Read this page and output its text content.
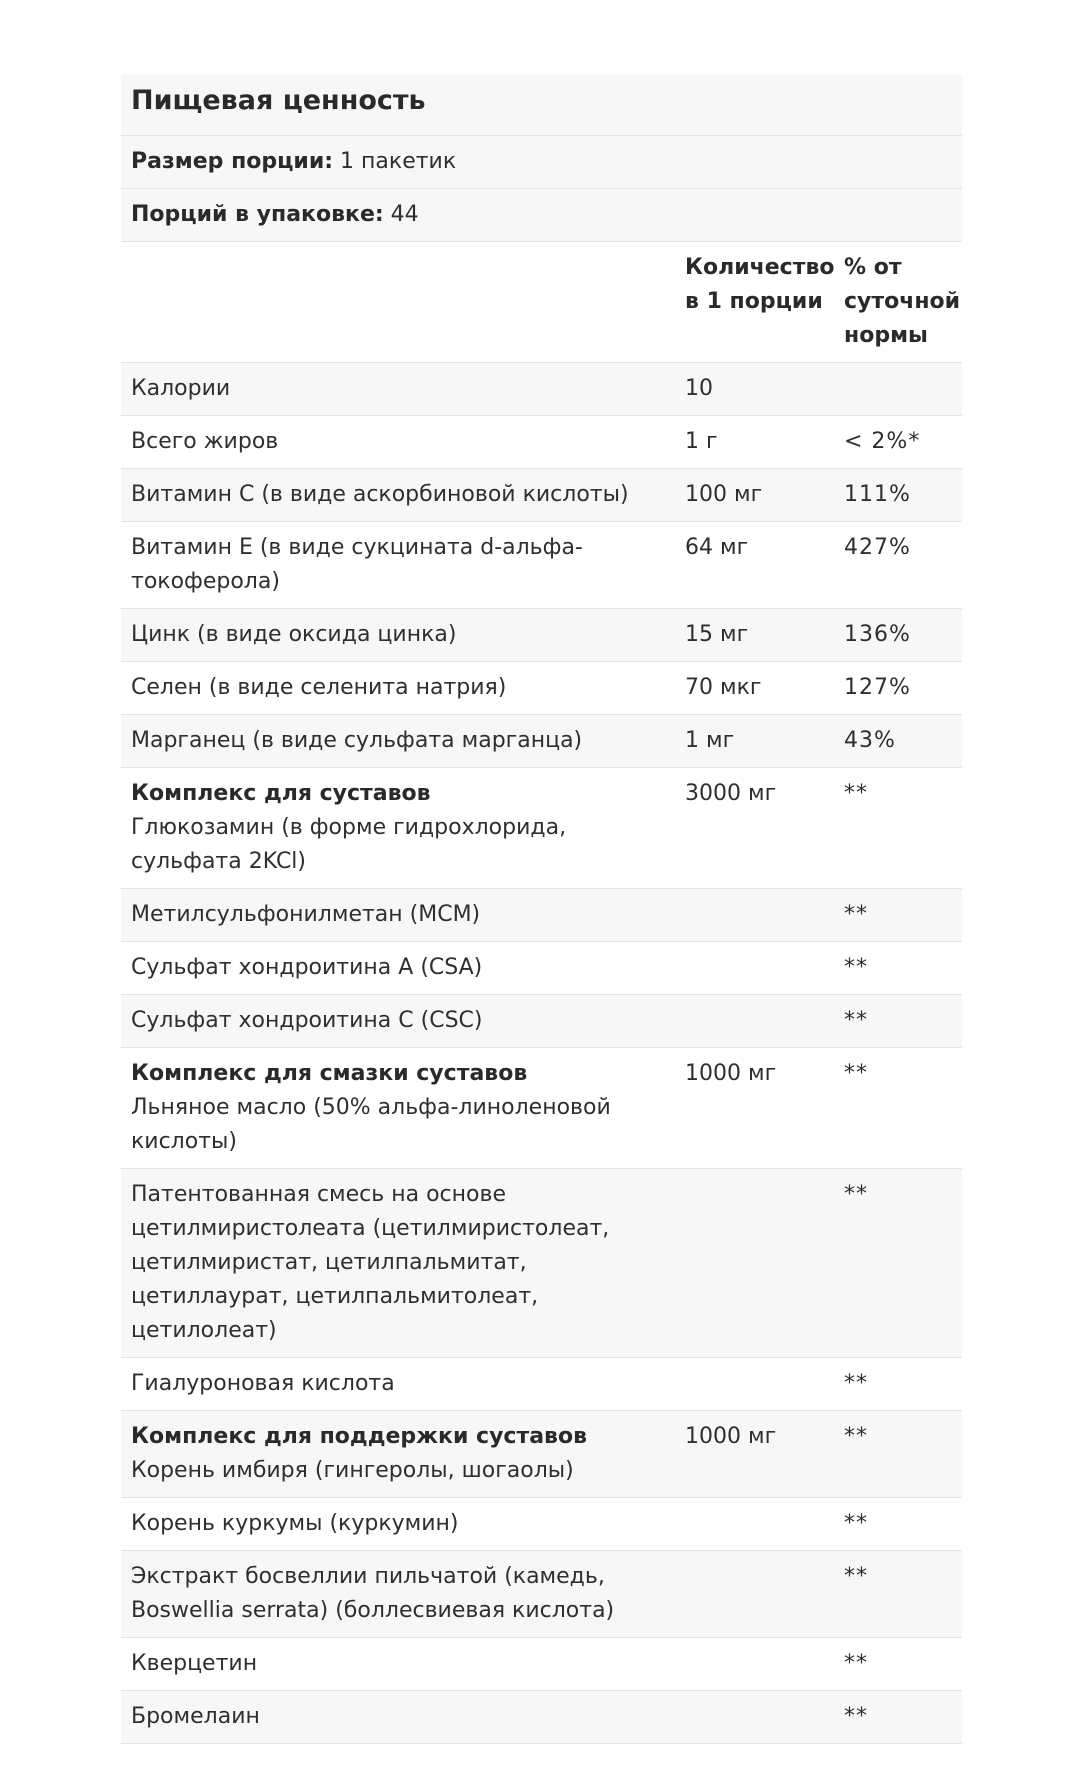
Пищевая ценность		
Размер порции: 1 пакетик		
Порций в упаковке: 44		
	Количество в 1 порции	% от суточной нормы

Калории	10	

Всего жиров	1 г	< 2%*

Витамин С (в виде аскорбиновой кислоты)	100 мг	111%

Витамин Е (в виде сукцината d-альфа-токоферола)	64 мг	427%

Цинк (в виде оксида цинка)	15 мг	136%

Селен (в виде селенита натрия)	70 мкг	127%

Марганец (в виде сульфата марганца)	1 мг	43%

Комплекс для суставов
Глюкозамин (в форме гидрохлорида, сульфата 2KCl)	3000 мг	**

Метилсульфонилметан (МСМ)		**

Сульфат хондроитина А (CSA)		**

Сульфат хондроитина С (CSC)		**

Комплекс для смазки суставов
Льняное масло (50% альфа-линоленовой кислоты)	1000 мг	**

Патентованная смесь на основе цетилмиристолеата (цетилмиристолеат, цетилмиристат, цетилпальмитат, цетиллаурат, цетилпальмитолеат, цетилолеат)		**

Гиалуроновая кислота		**

Комплекс для поддержки суставов
Корень имбиря (гингеролы, шогаолы)	1000 мг	**

Корень куркумы (куркумин)		**

Экстракт босвеллии пильчатой (камедь, Boswellia serrata) (боллесвиевая кислота)		**

Кверцетин		**

Бромелаин		**
